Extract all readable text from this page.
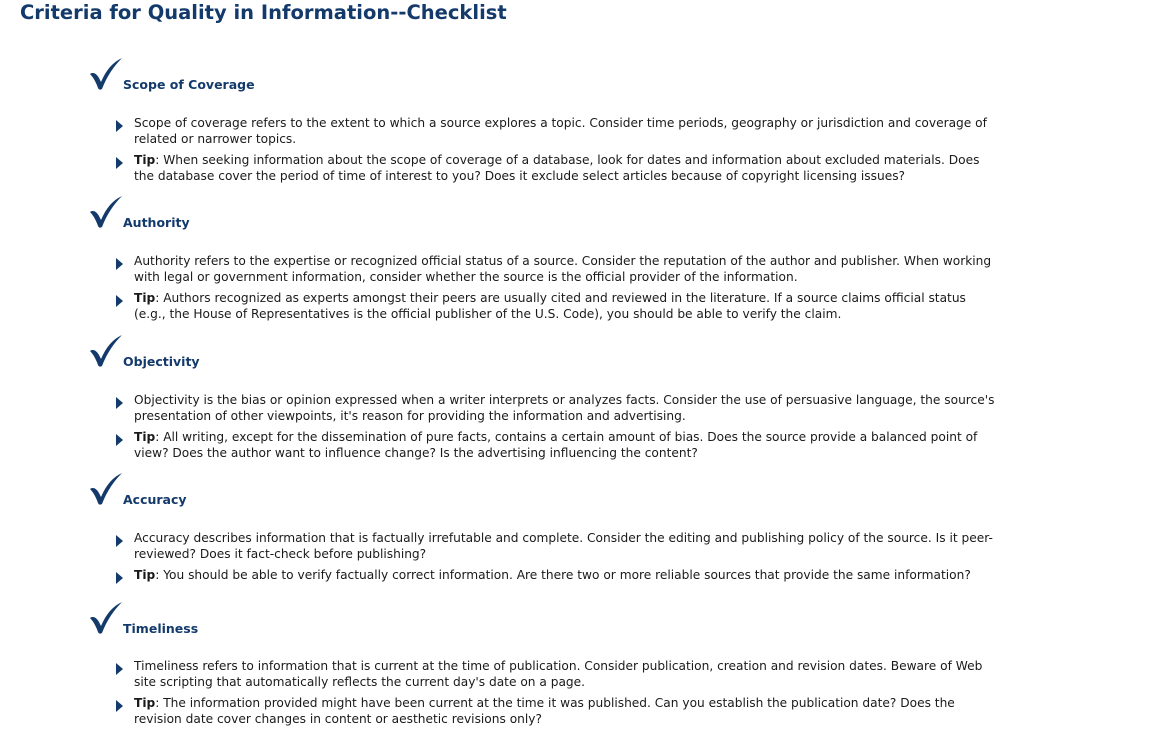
Criteria for Quality in Information--Checklist
Scope of Coverage
Scope of coverage refers to the extent to which a source explores a topic. Consider time periods, geography or jurisdiction and coverage of related or narrower topics.
Tip: When seeking information about the scope of coverage of a database, look for dates and information about excluded materials. Does the database cover the period of time of interest to you? Does it exclude select articles because of copyright licensing issues?
Authority
Authority refers to the expertise or recognized official status of a source. Consider the reputation of the author and publisher. When working with legal or government information, consider whether the source is the official provider of the information.
Tip: Authors recognized as experts amongst their peers are usually cited and reviewed in the literature. If a source claims official status (e.g., the House of Representatives is the official publisher of the U.S. Code), you should be able to verify the claim.
Objectivity
Objectivity is the bias or opinion expressed when a writer interprets or analyzes facts. Consider the use of persuasive language, the source's presentation of other viewpoints, it's reason for providing the information and advertising.
Tip: All writing, except for the dissemination of pure facts, contains a certain amount of bias. Does the source provide a balanced point of view? Does the author want to influence change? Is the advertising influencing the content?
Accuracy
Accuracy describes information that is factually irrefutable and complete. Consider the editing and publishing policy of the source. Is it peer-reviewed? Does it fact-check before publishing?
Tip: You should be able to verify factually correct information. Are there two or more reliable sources that provide the same information?
Timeliness
Timeliness refers to information that is current at the time of publication. Consider publication, creation and revision dates. Beware of Web site scripting that automatically reflects the current day's date on a page.
Tip: The information provided might have been current at the time it was published. Can you establish the publication date? Does the revision date cover changes in content or aesthetic revisions only?
